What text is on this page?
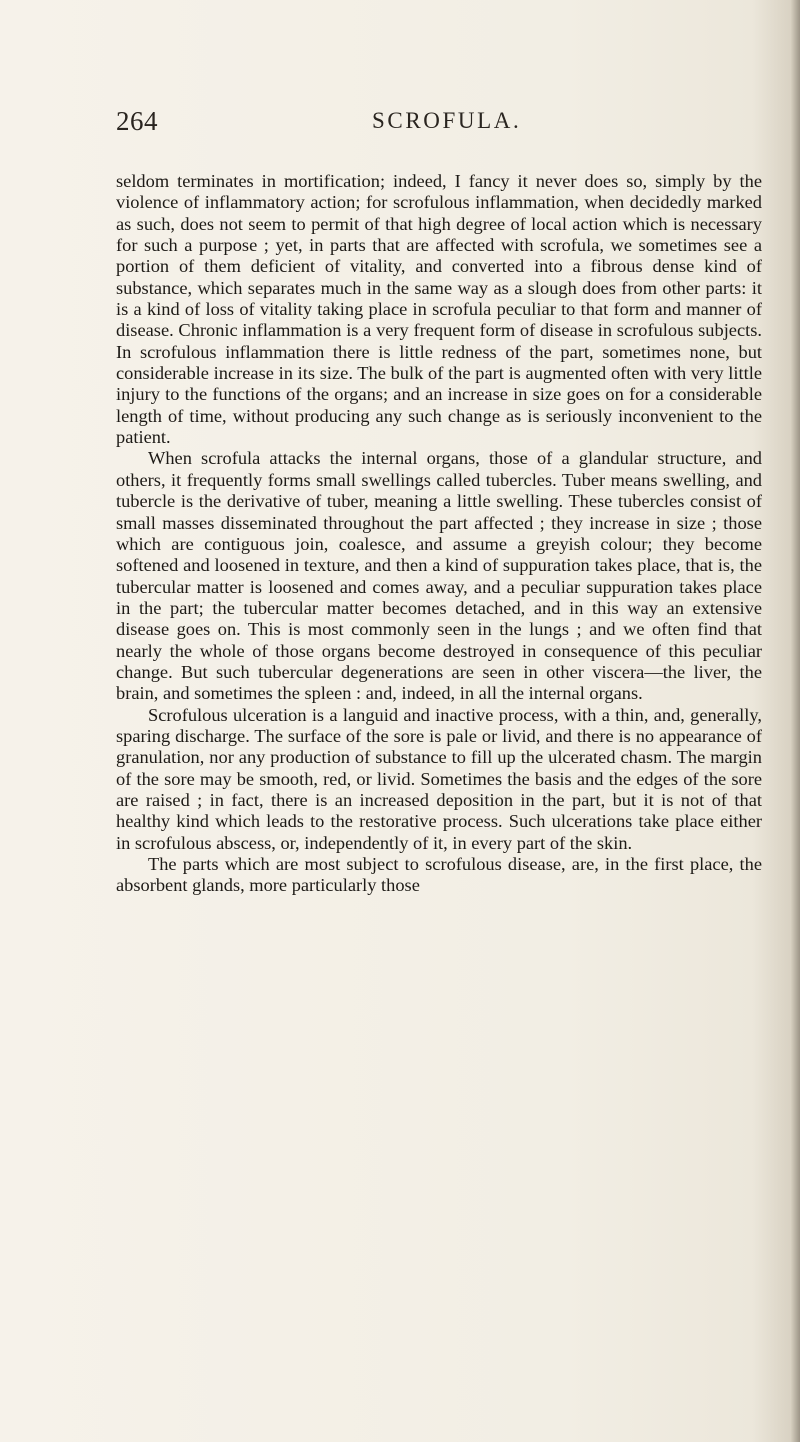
264	SCROFULA.

seldom terminates in mortification; indeed, I fancy it never does so, simply by the violence of inflammatory action; for scrofulous inflammation, when decidedly marked as such, does not seem to permit of that high degree of local action which is necessary for such a purpose ; yet, in parts that are affected with scrofula, we sometimes see a portion of them deficient of vitality, and converted into a fibrous dense kind of substance, which separates much in the same way as a slough does from other parts: it is a kind of loss of vitality taking place in scrofula peculiar to that form and manner of disease. Chronic inflammation is a very frequent form of disease in scrofulous subjects. In scrofulous inflammation there is little redness of the part, sometimes none, but considerable increase in its size. The bulk of the part is augmented often with very little injury to the functions of the organs; and an increase in size goes on for a considerable length of time, without producing any such change as is seriously inconvenient to the patient.

When scrofula attacks the internal organs, those of a glandular structure, and others, it frequently forms small swellings called tubercles. Tuber means swelling, and tubercle is the derivative of tuber, meaning a little swelling. These tubercles consist of small masses disseminated throughout the part affected ; they increase in size ; those which are contiguous join, coalesce, and assume a greyish colour; they become softened and loosened in texture, and then a kind of suppuration takes place, that is, the tubercular matter is loosened and comes away, and a peculiar suppuration takes place in the part; the tubercular matter becomes detached, and in this way an extensive disease goes on. This is most commonly seen in the lungs ; and we often find that nearly the whole of those organs become destroyed in consequence of this peculiar change. But such tubercular degenerations are seen in other viscera—the liver, the brain, and sometimes the spleen : and, indeed, in all the internal organs.

Scrofulous ulceration is a languid and inactive process, with a thin, and, generally, sparing discharge. The surface of the sore is pale or livid, and there is no appearance of granulation, nor any production of substance to fill up the ulcerated chasm. The margin of the sore may be smooth, red, or livid. Sometimes the basis and the edges of the sore are raised ; in fact, there is an increased deposition in the part, but it is not of that healthy kind which leads to the restorative process. Such ulcerations take place either in scrofulous abscess, or, independently of it, in every part of the skin.

The parts which are most subject to scrofulous disease, are, in the first place, the absorbent glands, more particularly those
